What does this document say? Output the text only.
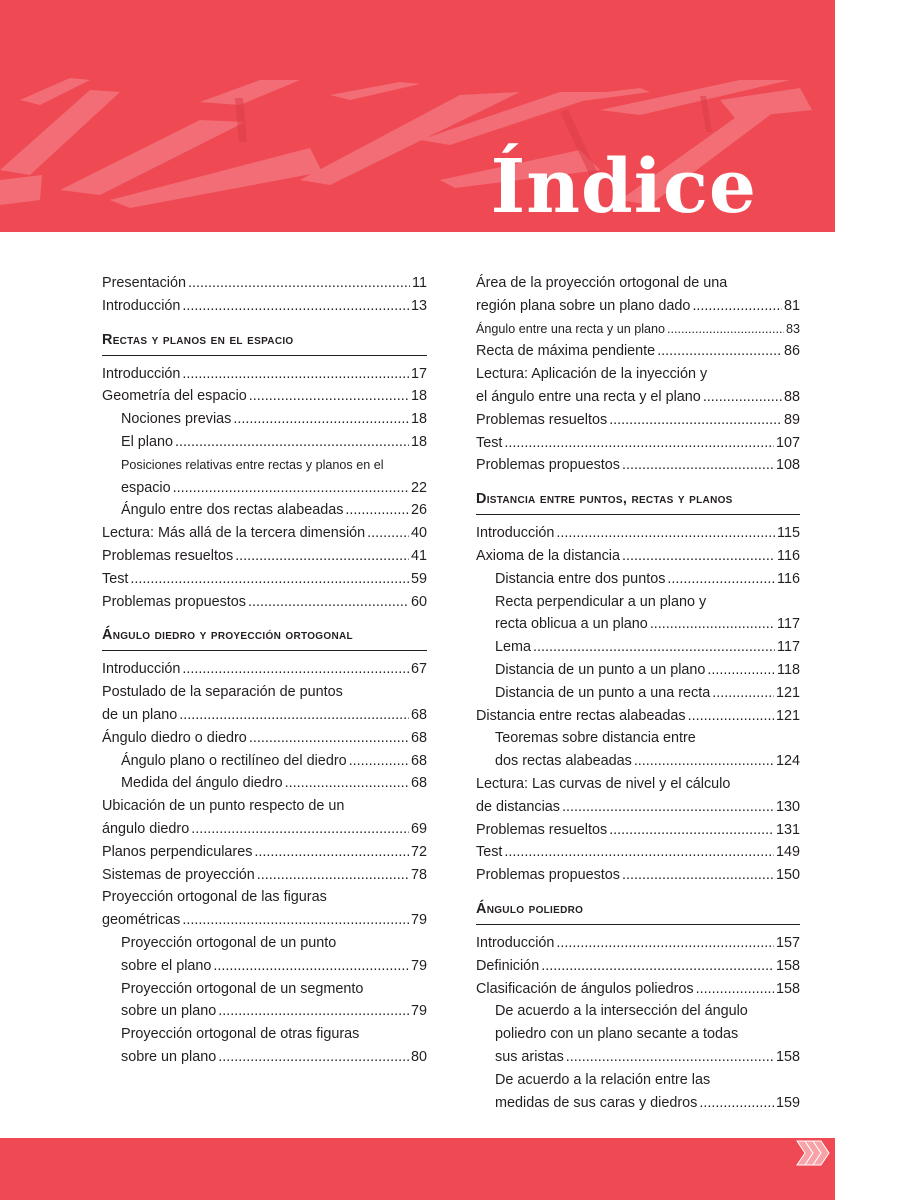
Índice
Presentación .....	11
Introducción .....	13
Rectas y planos en el espacio
Introducción .....	17
Geometría del espacio .....	18
Nociones previas .....	18
El plano .....	18
Posiciones relativas entre rectas y planos en el
espacio .....	22
Ángulo entre dos rectas alabeadas .....	26
Lectura: Más allá de la tercera dimensión .....	40
Problemas resueltos .....	41
Test .....	59
Problemas propuestos .....	60
Ángulo diedro y proyección ortogonal
Introducción .....	67
Postulado de la separación de puntos
de un plano .....	68
Ángulo diedro o diedro .....	68
Ángulo plano o rectilíneo del diedro .....	68
Medida del ángulo diedro .....	68
Ubicación de un punto respecto de un
ángulo diedro .....	69
Planos perpendiculares .....	72
Sistemas de proyección .....	78
Proyección ortogonal de las figuras
geométricas .....	79
Proyección ortogonal de un punto
sobre el plano .....	79
Proyección ortogonal de un segmento
sobre un plano .....	79
Proyección ortogonal de otras figuras
sobre un plano .....	80
Área de la proyección ortogonal de una
región plana sobre un plano dado .....	81
Ángulo entre una recta y un plano .....	83
Recta de máxima pendiente .....	86
Lectura: Aplicación de la inyección y
el ángulo entre una recta y el plano .....	88
Problemas resueltos .....	89
Test .....	107
Problemas propuestos .....	108
Distancia entre puntos, rectas y planos
Introducción .....	115
Axioma de la distancia .....	116
Distancia entre dos puntos .....	116
Recta perpendicular a un plano y
recta oblicua a un plano .....	117
Lema .....	117
Distancia de un punto a un plano .....	118
Distancia de un punto a una recta .....	121
Distancia entre rectas alabeadas .....	121
Teoremas sobre distancia entre
dos rectas alabeadas .....	124
Lectura: Las curvas de nivel y el cálculo
de distancias .....	130
Problemas resueltos .....	131
Test .....	149
Problemas propuestos .....	150
Ángulo poliedro
Introducción .....	157
Definición .....	158
Clasificación de ángulos poliedros .....	158
De acuerdo a la intersección del ángulo
poliedro con un plano secante a todas
sus aristas .....	158
De acuerdo a la relación entre las
medidas de sus caras y diedros .....	159
